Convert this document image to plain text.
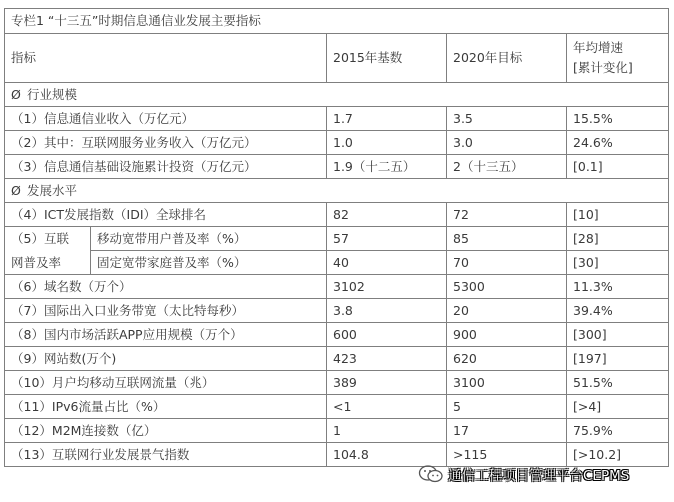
专栏1 “十三五”时期信息通信业发展主要指标				
指标		2015年基数	2020年目标	年均增速
[累计变化]
Ø 行业规模				
（1）信息通信业收入（万亿元）		1.7	3.5	15.5%
（2）其中：互联网服务业务收入（万亿元）		1.0	3.0	24.6%
（3）信息通信基础设施累计投资（万亿元）		1.9（十二五）	2（十三五）	[0.1]
Ø 发展水平				
（4）ICT发展指数（IDI）全球排名		82	72	[10]

（5）互联
网普及率	移动宽带用户普及率（%）	57	85	[28]
	固定宽带家庭普及率（%）	40	70	[30]
（6）域名数（万个）		3102	5300	11.3%
（7）国际出入口业务带宽（太比特每秒）		3.8	20	39.4%
（8）国内市场活跃APP应用规模（万个）		600	900	[300]
（9）网站数(万个)		423	620	[197]
（10）月户均移动互联网流量（兆）		389	3100	51.5%
（11）IPv6流量占比（%）		<1	5	[>4]
（12）M2M连接数（亿）		1	17	75.9%
（13）互联网行业发展景气指数		104.8	>115	[>10.2]
通信工程项目管理平台CEPMS
